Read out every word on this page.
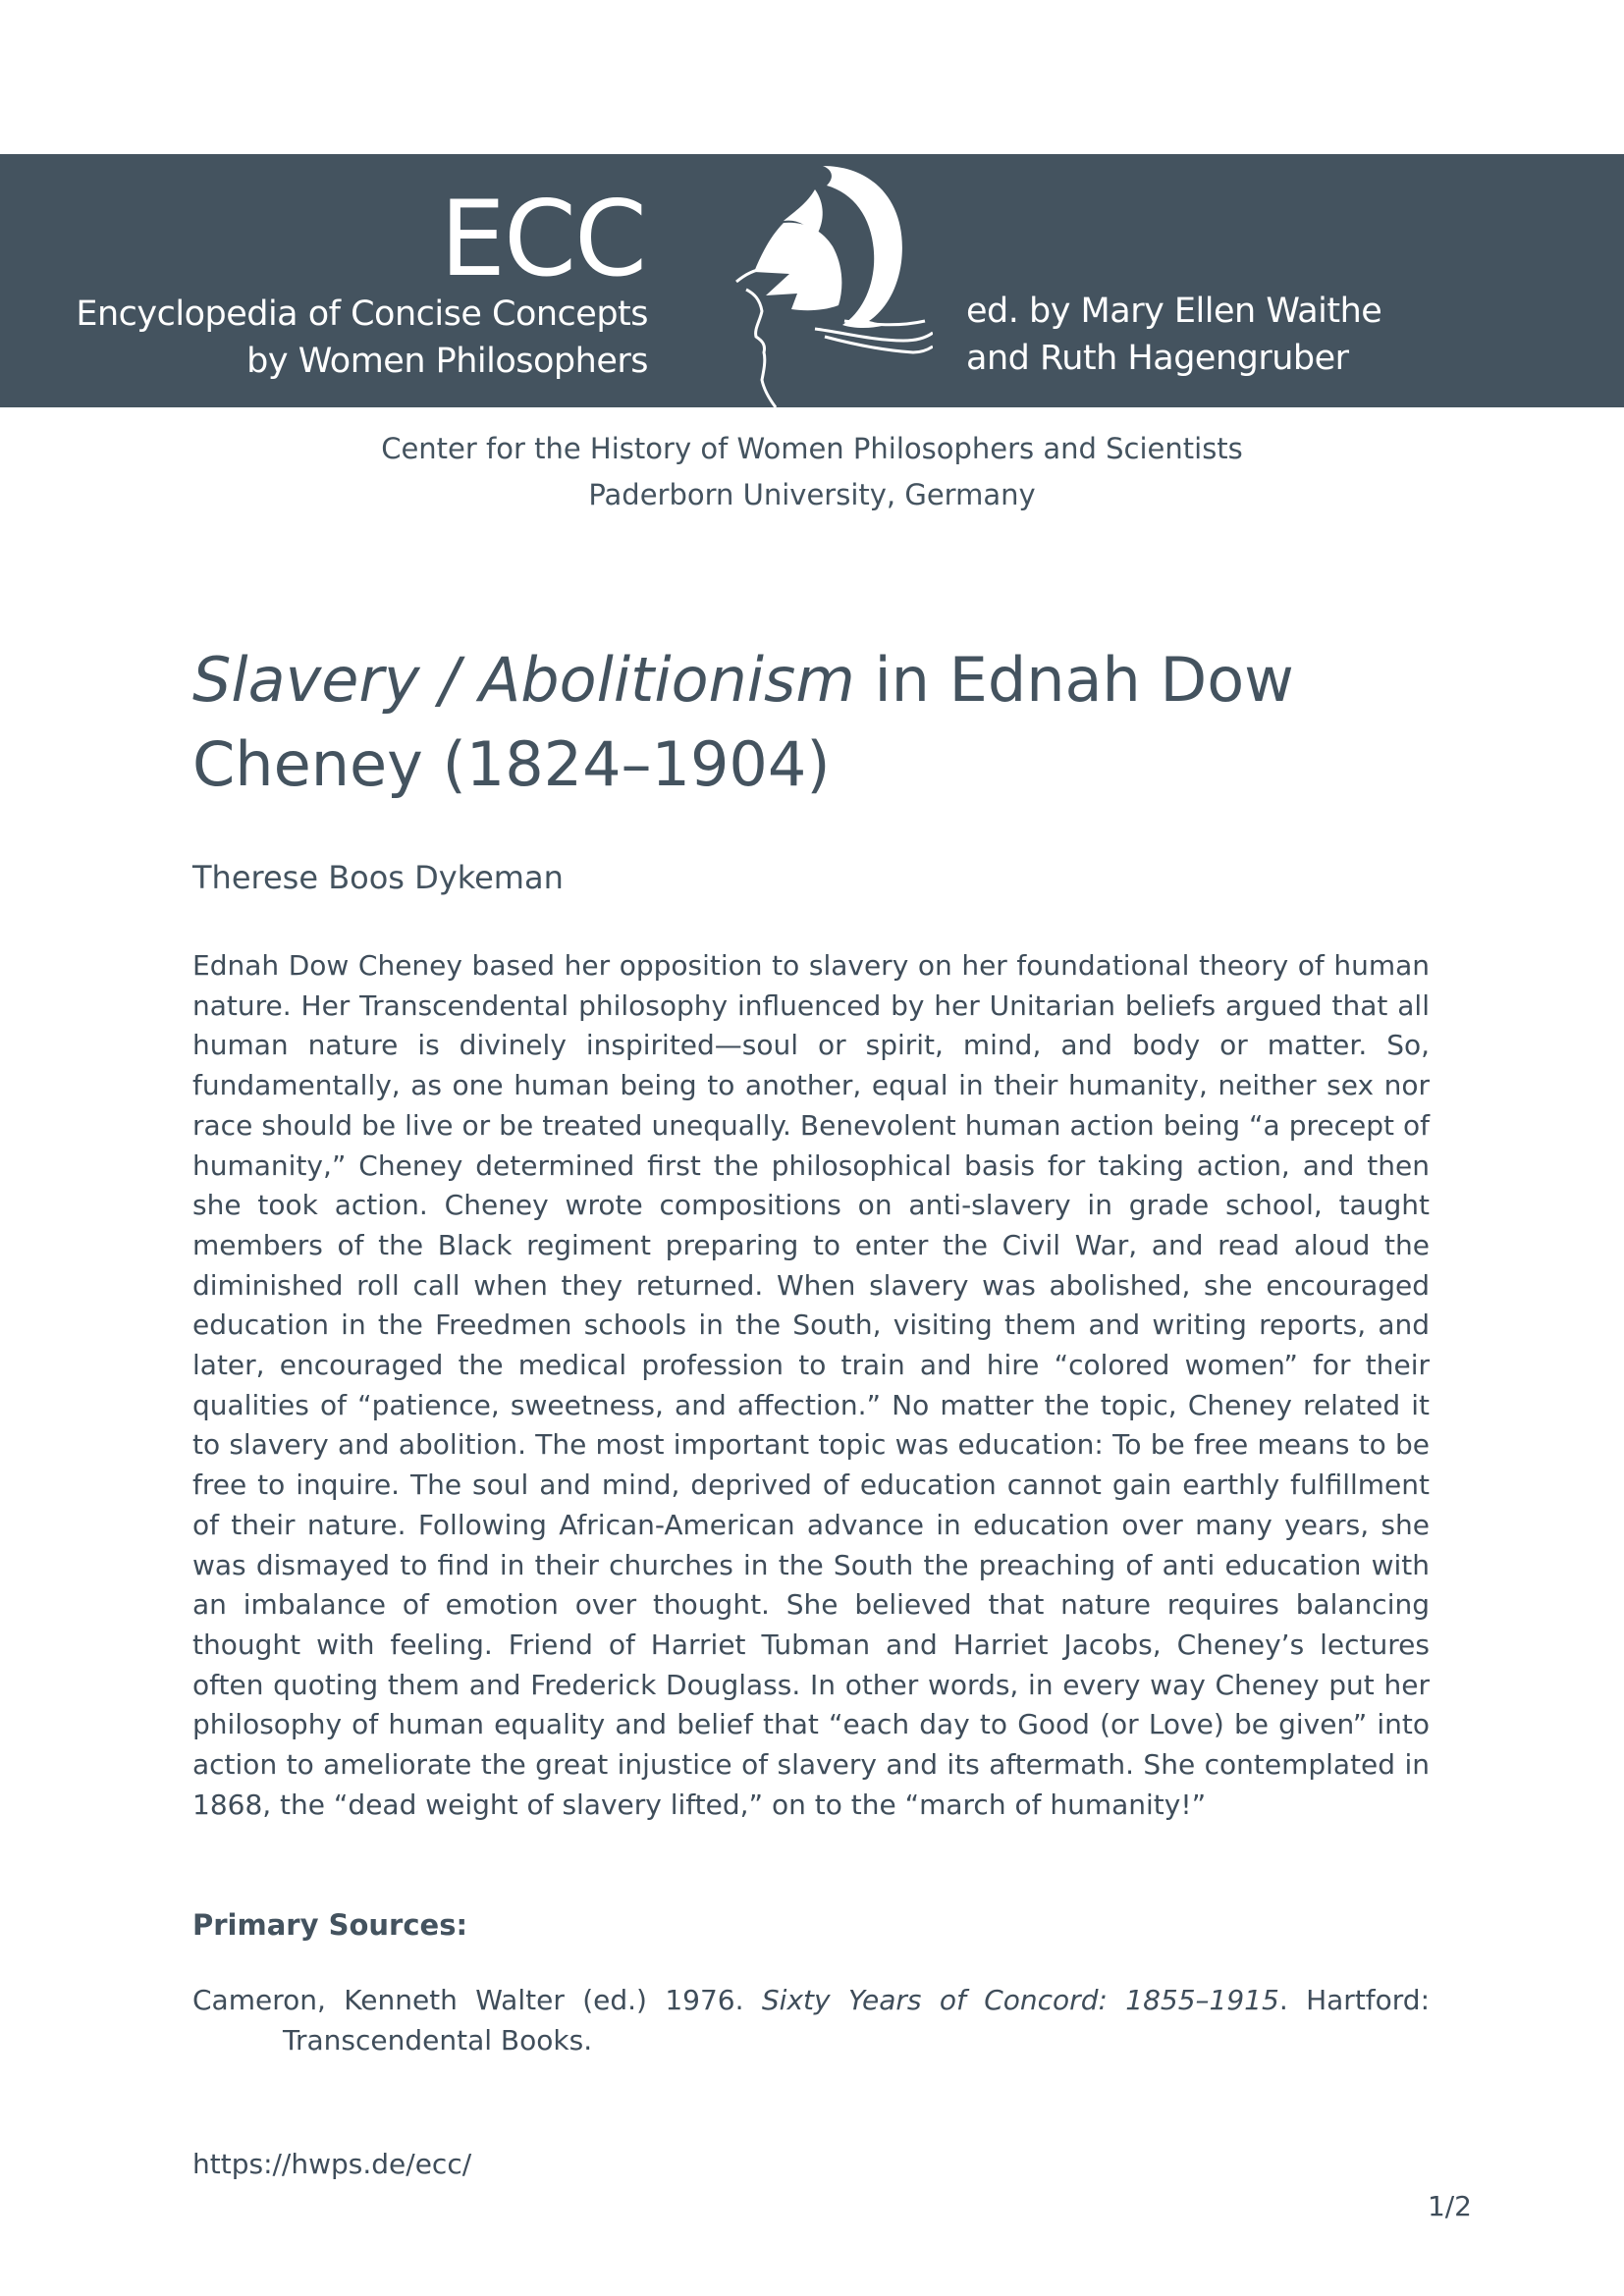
ECC
Encyclopedia of Concise Concepts
by Women Philosophers
ed. by Mary Ellen Waithe
and Ruth Hagengruber
Center for the History of Women Philosophers and Scientists
Paderborn University, Germany
Slavery / Abolitionism in Ednah Dow Cheney (1824–1904)
Therese Boos Dykeman

Ednah Dow Cheney based her opposition to slavery on her foundational theory of human nature. Her Transcendental philosophy influenced by her Unitarian beliefs argued that all human nature is divinely inspirited—soul or spirit, mind, and body or matter. So, fundamentally, as one human being to another, equal in their humanity, neither sex nor race should be live or be treated unequally. Benevolent human action being “a precept of humanity,” Cheney determined first the philosophical basis for taking action, and then she took action. Cheney wrote compositions on anti-slavery in grade school, taught members of the Black regiment preparing to enter the Civil War, and read aloud the diminished roll call when they returned. When slavery was abolished, she encouraged education in the Freedmen schools in the South, visiting them and writing reports, and later, encouraged the medical profession to train and hire “colored women” for their qualities of “patience, sweetness, and affection.” No matter the topic, Cheney related it to slavery and abolition. The most important topic was education: To be free means to be free to inquire. The soul and mind, deprived of education cannot gain earthly fulfillment of their nature. Following African-American advance in education over many years, she was dismayed to find in their churches in the South the preaching of anti education with an imbalance of emotion over thought. She believed that nature requires balancing thought with feeling. Friend of Harriet Tubman and Harriet Jacobs, Cheney’s lectures often quoting them and Frederick Douglass. In other words, in every way Cheney put her philosophy of human equality and belief that “each day to Good (or Love) be given” into action to ameliorate the great injustice of slavery and its aftermath. She contemplated in 1868, the “dead weight of slavery lifted,” on to the “march of humanity!”

Primary Sources:

Cameron, Kenneth Walter (ed.) 1976. Sixty Years of Concord: 1855–1915. Hartford: Transcendental Books.

https://hwps.de/ecc/
1/2
